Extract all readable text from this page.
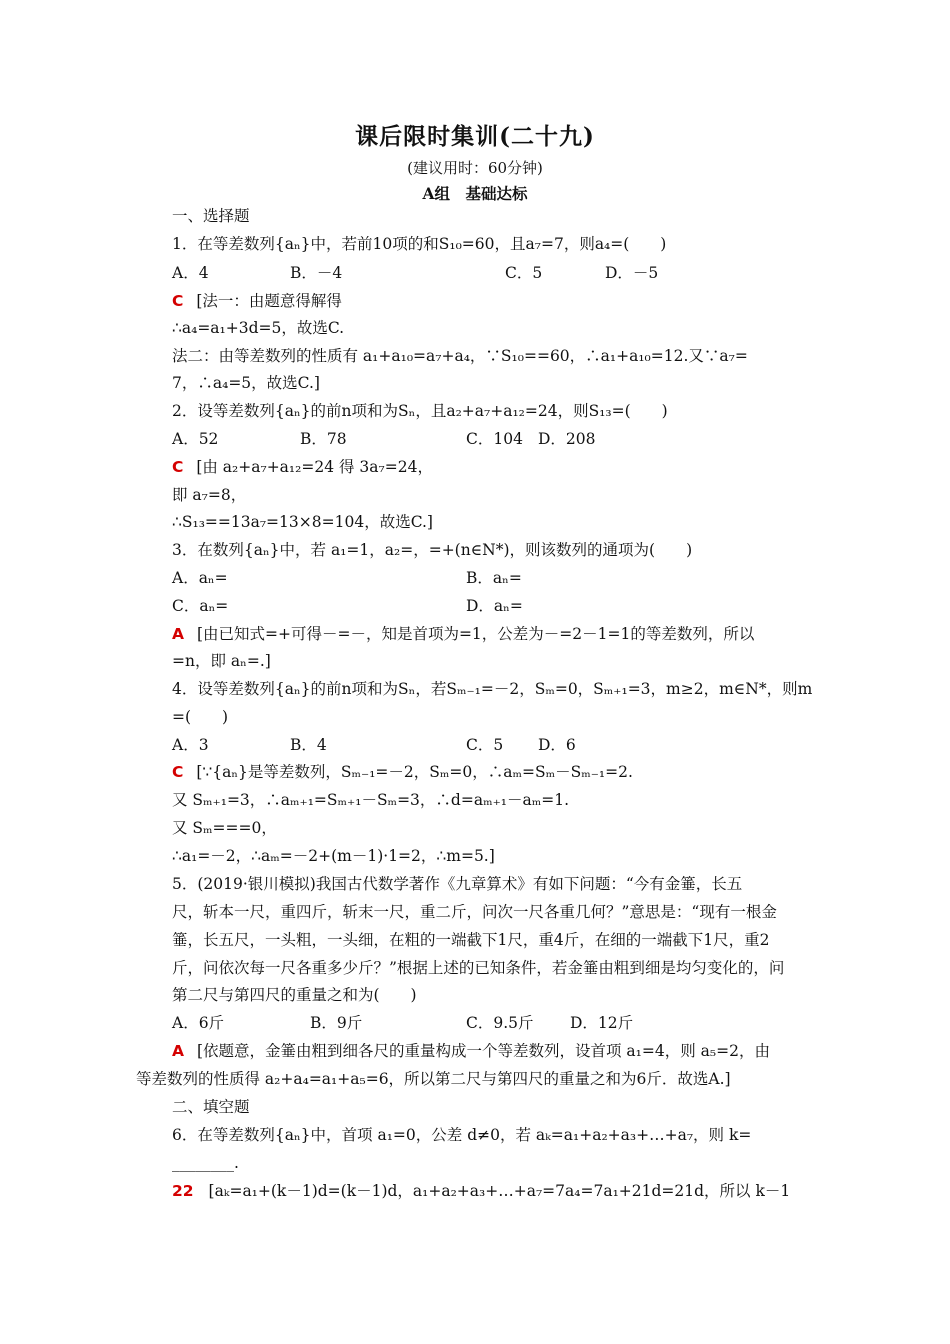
课后限时集训(二十九)
(建议用时：60分钟)
A组　基础达标
一、选择题
1．在等差数列{aₙ}中，若前10项的和S₁₀=60，且a₇=7，则a₄=(　　)
A．4	B．－4	C．5	D．－5
C [法一：由题意得解得
∴a₄=a₁+3d=5，故选C.
法二：由等差数列的性质有 a₁+a₁₀=a₇+a₄，∵S₁₀==60，∴a₁+a₁₀=12.又∵a₇=
7，∴a₄=5，故选C.]
2．设等差数列{aₙ}的前n项和为Sₙ，且a₂+a₇+a₁₂=24，则S₁₃=(　　)
A．52	B．78	C．104 D．208
C [由 a₂+a₇+a₁₂=24 得 3a₇=24，
即 a₇=8，
∴S₁₃==13a₇=13×8=104，故选C.]
3．在数列{aₙ}中，若 a₁=1，a₂=，=+(n∈N*)，则该数列的通项为(　　)
A．aₙ=	B．aₙ=
C．aₙ=	D．aₙ=
A [由已知式=+可得－=－，知是首项为=1，公差为－=2－1=1的等差数列，所以
=n，即 aₙ=.]
4．设等差数列{aₙ}的前n项和为Sₙ，若Sₘ₋₁=－2，Sₘ=0，Sₘ₊₁=3，m≥2，m∈N*，则m
=(　　)
A．3	B．4	C．5 D．6
C [∵{aₙ}是等差数列，Sₘ₋₁=－2，Sₘ=0，∴aₘ=Sₘ－Sₘ₋₁=2.
又 Sₘ₊₁=3，∴aₘ₊₁=Sₘ₊₁－Sₘ=3，∴d=aₘ₊₁－aₘ=1.
又 Sₘ===0，
∴a₁=－2，∴aₘ=－2+(m－1)·1=2，∴m=5.]
5．(2019·银川模拟)我国古代数学著作《九章算术》有如下问题：“今有金箠，长五
尺，斩本一尺，重四斤，斩末一尺，重二斤，问次一尺各重几何？”意思是：“现有一根金
箠，长五尺，一头粗，一头细，在粗的一端截下1尺，重4斤，在细的一端截下1尺，重2
斤，问依次每一尺各重多少斤？”根据上述的已知条件，若金箠由粗到细是均匀变化的，问
第二尺与第四尺的重量之和为(　　)
A．6斤	B．9斤	C．9.5斤 D．12斤
A [依题意，金箠由粗到细各尺的重量构成一个等差数列，设首项 a₁=4，则 a₅=2，由
等差数列的性质得 a₂+a₄=a₁+a₅=6，所以第二尺与第四尺的重量之和为6斤．故选A.]
二、填空题
6．在等差数列{aₙ}中，首项 a₁=0，公差 d≠0，若 aₖ=a₁+a₂+a₃+…+a₇，则 k=
________.
22 [aₖ=a₁+(k－1)d=(k－1)d，a₁+a₂+a₃+…+a₇=7a₄=7a₁+21d=21d，所以 k－1
